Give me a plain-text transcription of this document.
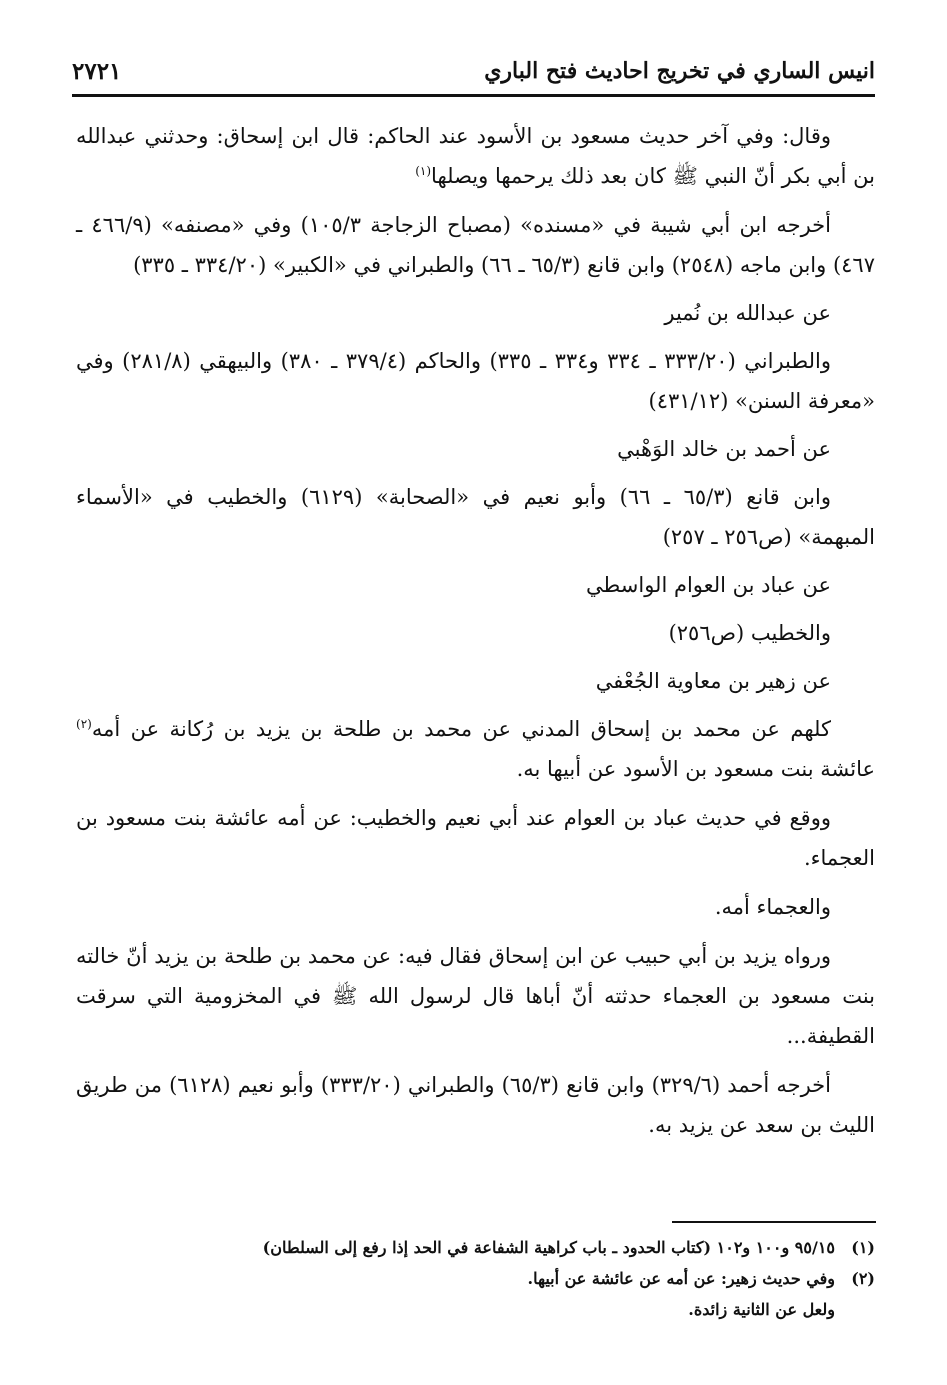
انيس الساري في تخريج احاديث فتح الباري
٢٧٢١

وقال: وفي آخر حديث مسعود بن الأسود عند الحاكم: قال ابن إسحاق: وحدثني عبدالله بن أبي بكر أنّ النبي ﷺ كان بعد ذلك يرحمها ويصلها$^{(١)}$

أخرجه ابن أبي شيبة في «مسنده» (مصباح الزجاجة ١٠٥/٣) وفي «مصنفه» (٤٦٦/٩ ـ ٤٦٧) وابن ماجه (٢٥٤٨) وابن قانع (٦٥/٣ ـ ٦٦) والطبراني في «الكبير» (٣٣٤/٢٠ ـ ٣٣٥)

عن عبدالله بن نُمير

والطبراني (٣٣٣/٢٠ ـ ٣٣٤ و٣٣٤ ـ ٣٣٥) والحاكم (٣٧٩/٤ ـ ٣٨٠) والبيهقي (٢٨١/٨) وفي «معرفة السنن» (٤٣١/١٢)

عن أحمد بن خالد الوَهْبي

وابن قانع (٦٥/٣ ـ ٦٦) وأبو نعيم في «الصحابة» (٦١٢٩) والخطيب في «الأسماء المبهمة» (ص٢٥٦ ـ ٢٥٧)

عن عباد بن العوام الواسطي

والخطيب (ص٢٥٦)

عن زهير بن معاوية الجُعْفي

كلهم عن محمد بن إسحاق المدني عن محمد بن طلحة بن يزيد بن رُكانة عن أمه$^{(٢)}$ عائشة بنت مسعود بن الأسود عن أبيها به.

ووقع في حديث عباد بن العوام عند أبي نعيم والخطيب: عن أمه عائشة بنت مسعود بن العجماء.

والعجماء أمه.

ورواه يزيد بن أبي حبيب عن ابن إسحاق فقال فيه: عن محمد بن طلحة بن يزيد أنّ خالته بنت مسعود بن العجماء حدثته أنّ أباها قال لرسول الله ﷺ في المخزومية التي سرقت القطيفة...

أخرجه أحمد (٣٢٩/٦) وابن قانع (٦٥/٣) والطبراني (٣٣٣/٢٠) وأبو نعيم (٦١٢٨) من طريق الليث بن سعد عن يزيد به.

(١)
٩٥/١٥ و١٠٠ و١٠٢ (كتاب الحدود ـ باب كراهية الشفاعة في الحد إذا رفع إلى السلطان)
(٢)
وفي حديث زهير: عن أمه عن عائشة عن أبيها.
ولعل عن الثانية زائدة.
